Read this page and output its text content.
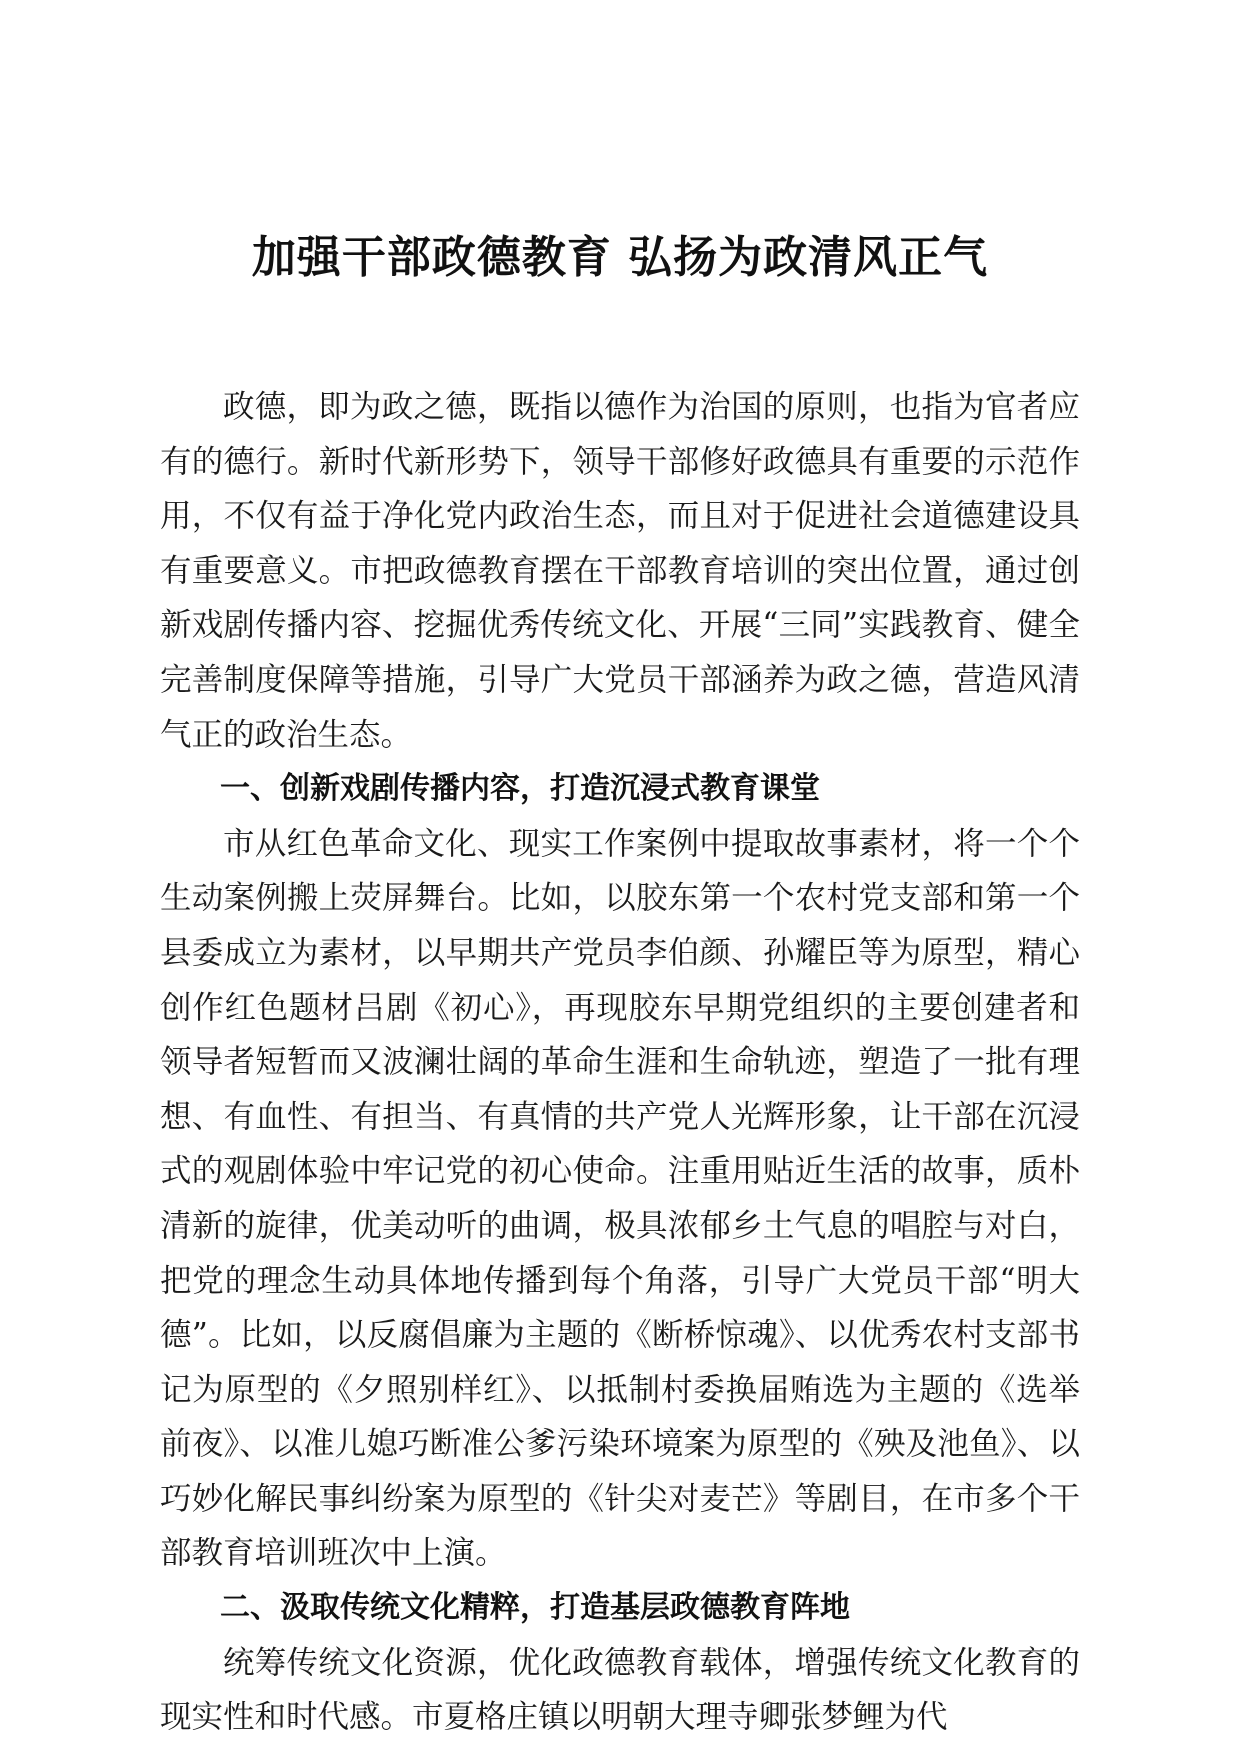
加强干部政德教育 弘扬为政清风正气

政德，即为政之德，既指以德作为治国的原则，也指为官者应有的德行。新时代新形势下，领导干部修好政德具有重要的示范作用，不仅有益于净化党内政治生态，而且对于促进社会道德建设具有重要意义。市把政德教育摆在干部教育培训的突出位置，通过创新戏剧传播内容、挖掘优秀传统文化、开展“三同”实践教育、健全完善制度保障等措施，引导广大党员干部涵养为政之德，营造风清气正的政治生态。

一、创新戏剧传播内容，打造沉浸式教育课堂

市从红色革命文化、现实工作案例中提取故事素材，将一个个生动案例搬上荧屏舞台。比如，以胶东第一个农村党支部和第一个县委成立为素材，以早期共产党员李伯颜、孙耀臣等为原型，精心创作红色题材吕剧《初心》，再现胶东早期党组织的主要创建者和领导者短暂而又波澜壮阔的革命生涯和生命轨迹，塑造了一批有理想、有血性、有担当、有真情的共产党人光辉形象，让干部在沉浸式的观剧体验中牢记党的初心使命。注重用贴近生活的故事，质朴清新的旋律，优美动听的曲调，极具浓郁乡土气息的唱腔与对白，把党的理念生动具体地传播到每个角落，引导广大党员干部“明大德”。比如，以反腐倡廉为主题的《断桥惊魂》、以优秀农村支部书记为原型的《夕照别样红》、以抵制村委换届贿选为主题的《选举前夜》、以准儿媳巧断准公爹污染环境案为原型的《殃及池鱼》、以巧妙化解民事纠纷案为原型的《针尖对麦芒》等剧目，在市多个干部教育培训班次中上演。

二、汲取传统文化精粹，打造基层政德教育阵地

统筹传统文化资源，优化政德教育载体，增强传统文化教育的现实性和时代感。市夏格庄镇以明朝大理寺卿张梦鲤为代
